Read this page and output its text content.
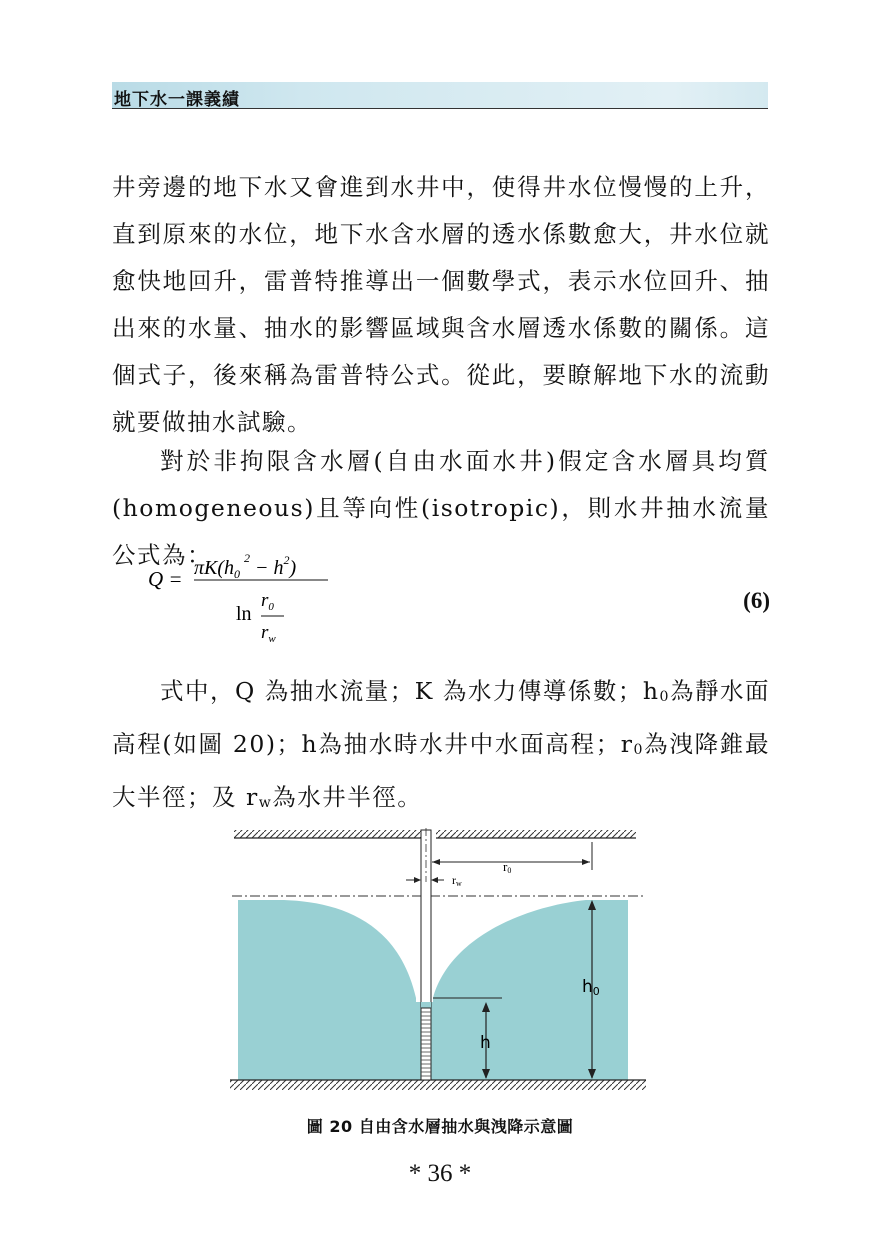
地下水一課義績
井旁邊的地下水又會進到水井中，使得井水位慢慢的上升，直到原來的水位，地下水含水層的透水係數愈大，井水位就愈快地回升，雷普特推導出一個數學式，表示水位回升、抽出來的水量、抽水的影響區域與含水層透水係數的關係。這個式子，後來稱為雷普特公式。從此，要瞭解地下水的流動就要做抽水試驗。
對於非拘限含水層(自由水面水井)假定含水層具均質(homogeneous)且等向性(isotropic)，則水井抽水流量公式為：
$Q = \pi K(h_0^2 - h^2)$
ln
$r_0$
$r_w$
(6)
式中，Q 為抽水流量；K 為水力傳導係數；$h_0$為靜水面高程(如圖 20)；h為抽水時水井中水面高程；$r_0$為洩降錐最大半徑；及 $r_w$為水井半徑。
r0
rw
h0
h
圖 20 自由含水層抽水與洩降示意圖
* 36 *
